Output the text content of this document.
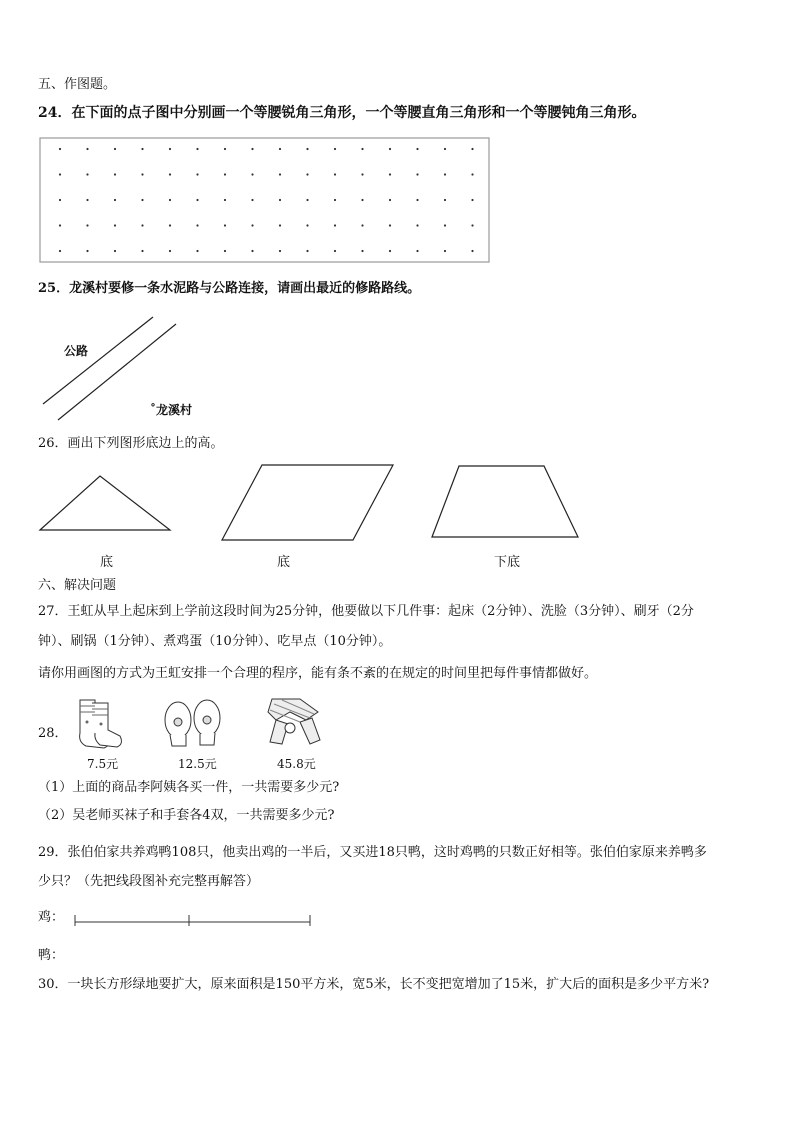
五、作图题。
24．在下面的点子图中分别画一个等腰锐角三角形，一个等腰直角三角形和一个等腰钝角三角形。
25．龙溪村要修一条水泥路与公路连接，请画出最近的修路路线。
公路
˚龙溪村
26．画出下列图形底边上的高。
底	底	下底
六、解决问题
27．王虹从早上起床到上学前这段时间为25分钟，他要做以下几件事：起床（2分钟）、洗脸（3分钟）、刷牙（2分
钟）、刷锅（1分钟）、煮鸡蛋（10分钟）、吃早点（10分钟）。
请你用画图的方式为王虹安排一个合理的程序，能有条不紊的在规定的时间里把每件事情都做好。
28．
7.5元	12.5元	45.8元
（1）上面的商品李阿姨各买一件，一共需要多少元?
（2）吴老师买袜子和手套各4双，一共需要多少元?
29．张伯伯家共养鸡鸭108只，他卖出鸡的一半后，又买进18只鸭，这时鸡鸭的只数正好相等。张伯伯家原来养鸭多
少只？（先把线段图补充完整再解答）
鸡：
鸭：
30．一块长方形绿地要扩大，原来面积是150平方米，宽5米，长不变把宽增加了15米，扩大后的面积是多少平方米?
